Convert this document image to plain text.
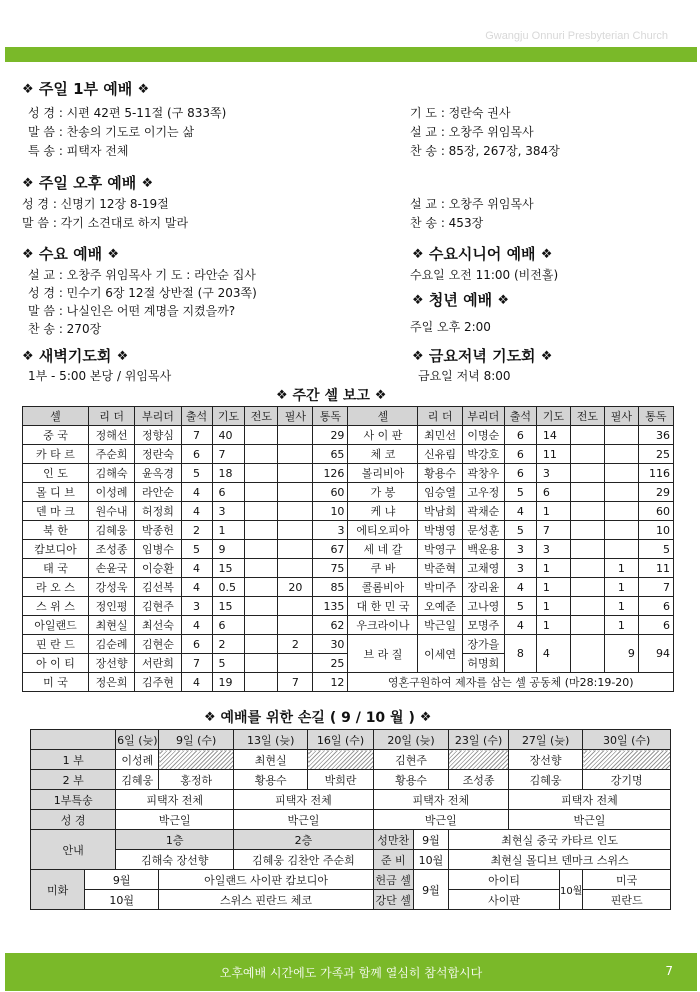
Gwangju Onnuri Presbyterian Church
❖ 주일 1부 예배 ❖
성 경 : 시편 42편 5-11절 (구 833쪽)
말 씀 : 찬송의 기도로 이기는 삶
특 송 : 피택자 전체
기 도 : 정란숙 권사
설 교 : 오창주 위임목사
찬 송 : 85장, 267장, 384장
❖ 주일 오후 예배 ❖
성 경 : 신명기 12장 8-19절
말 씀 : 각기 소견대로 하지 말라
설 교 : 오창주 위임목사
찬 송 : 453장
❖ 수요 예배 ❖
설 교 : 오창주 위임목사 기 도 : 라안순 집사
성 경 : 민수기 6장 12절 상반절 (구 203쪽)
말 씀 : 나실인은 어떤 계명을 지켰을까?
찬 송 : 270장
❖ 수요시니어 예배 ❖
수요일 오전 11:00 (비전홀)
❖ 청년 예배 ❖
주일 오후 2:00
❖ 새벽기도회 ❖
1부 - 5:00 본당 / 위임목사
❖ 금요저녁 기도회 ❖
금요일 저녁 8:00
❖ 주간 셀 보고 ❖
셀	리 더	부리더	출석	기도	전도	필사	통독	셀	리 더	부리더	출석	기도	전도	필사	통독
중 국	정해선	정향심	7	40			29	사 이 판	최민선	이명순	6	14			36
카 타 르	주순희	정란숙	6	7			65	체 코	신유림	박강호	6	11			25
인 도	김해숙	윤옥경	5	18			126	볼리비아	황용수	곽창우	6	3			116
몰 디 브	이성례	라안순	4	6			60	가 봉	임승열	고우정	5	6			29
덴 마 크	원수내	허정희	4	3			10	케 냐	박남희	곽채순	4	1			60
북 한	김혜웅	박종헌	2	1			3	에티오피아	박병영	문성훈	5	7			10
캄보디아	조성종	임병수	5	9			67	세 네 갈	박영구	백운용	3	3			5
태 국	손윤국	이승환	4	15			75	쿠 바	박준혁	고채영	3	1		1	11
라 오 스	강성욱	김선복	4	0.5		20	85	콜롬비아	박미주	장리윤	4	1		1	7
스 위 스	정인평	김현주	3	15			135	대 한 민 국	오예준	고나영	5	1		1	6
아일랜드	최현실	최선숙	4	6			62	우크라이나	박근일	모명주	4	1		1	6
핀 란 드	김순례	김현순	6	2		2	30	브 라 질	이세연	장가을	8	4		9	94
아 이 티	장선향	서란희	7	5			25			허명희					
미 국	정은희	김주현	4	19		7	12	영혼구원하여 제자를 삼는 셀 공동체 (마28:19-20)							
❖ 예배를 위한 손길 ( 9 / 10 월 ) ❖
		6일 (늦)	9일 (수)	13일 (늦)	16일 (수)	20일 (늦)		23일 (수)	27일 (늦)		30일 (수)
1 부		이성례		최현실		김현주			장선향		
2 부		김혜웅	홍정하	황용수	박희란	황용수		조성종	김혜웅		강기명
1부특송		피택자 전체		피택자 전체		피택자 전체			피택자 전체		
성 경		박근일		박근일		박근일			박근일		
안내		1층		2층		성만찬	9월	최현실 중국 카타르 인도			
		김해숙 장선향		김혜웅 김찬안 주순희		준 비	10월	최현실 몰디브 덴마크 스위스			
미화	9월		아일랜드 사이판 캄보디아			헌금 셀	9월	아이티		10월	미국
	10월		스위스 핀란드 체코			강단 셀		사이판			핀란드
오후예배 시간에도 가족과 함께 열심히 참석합시다	7
